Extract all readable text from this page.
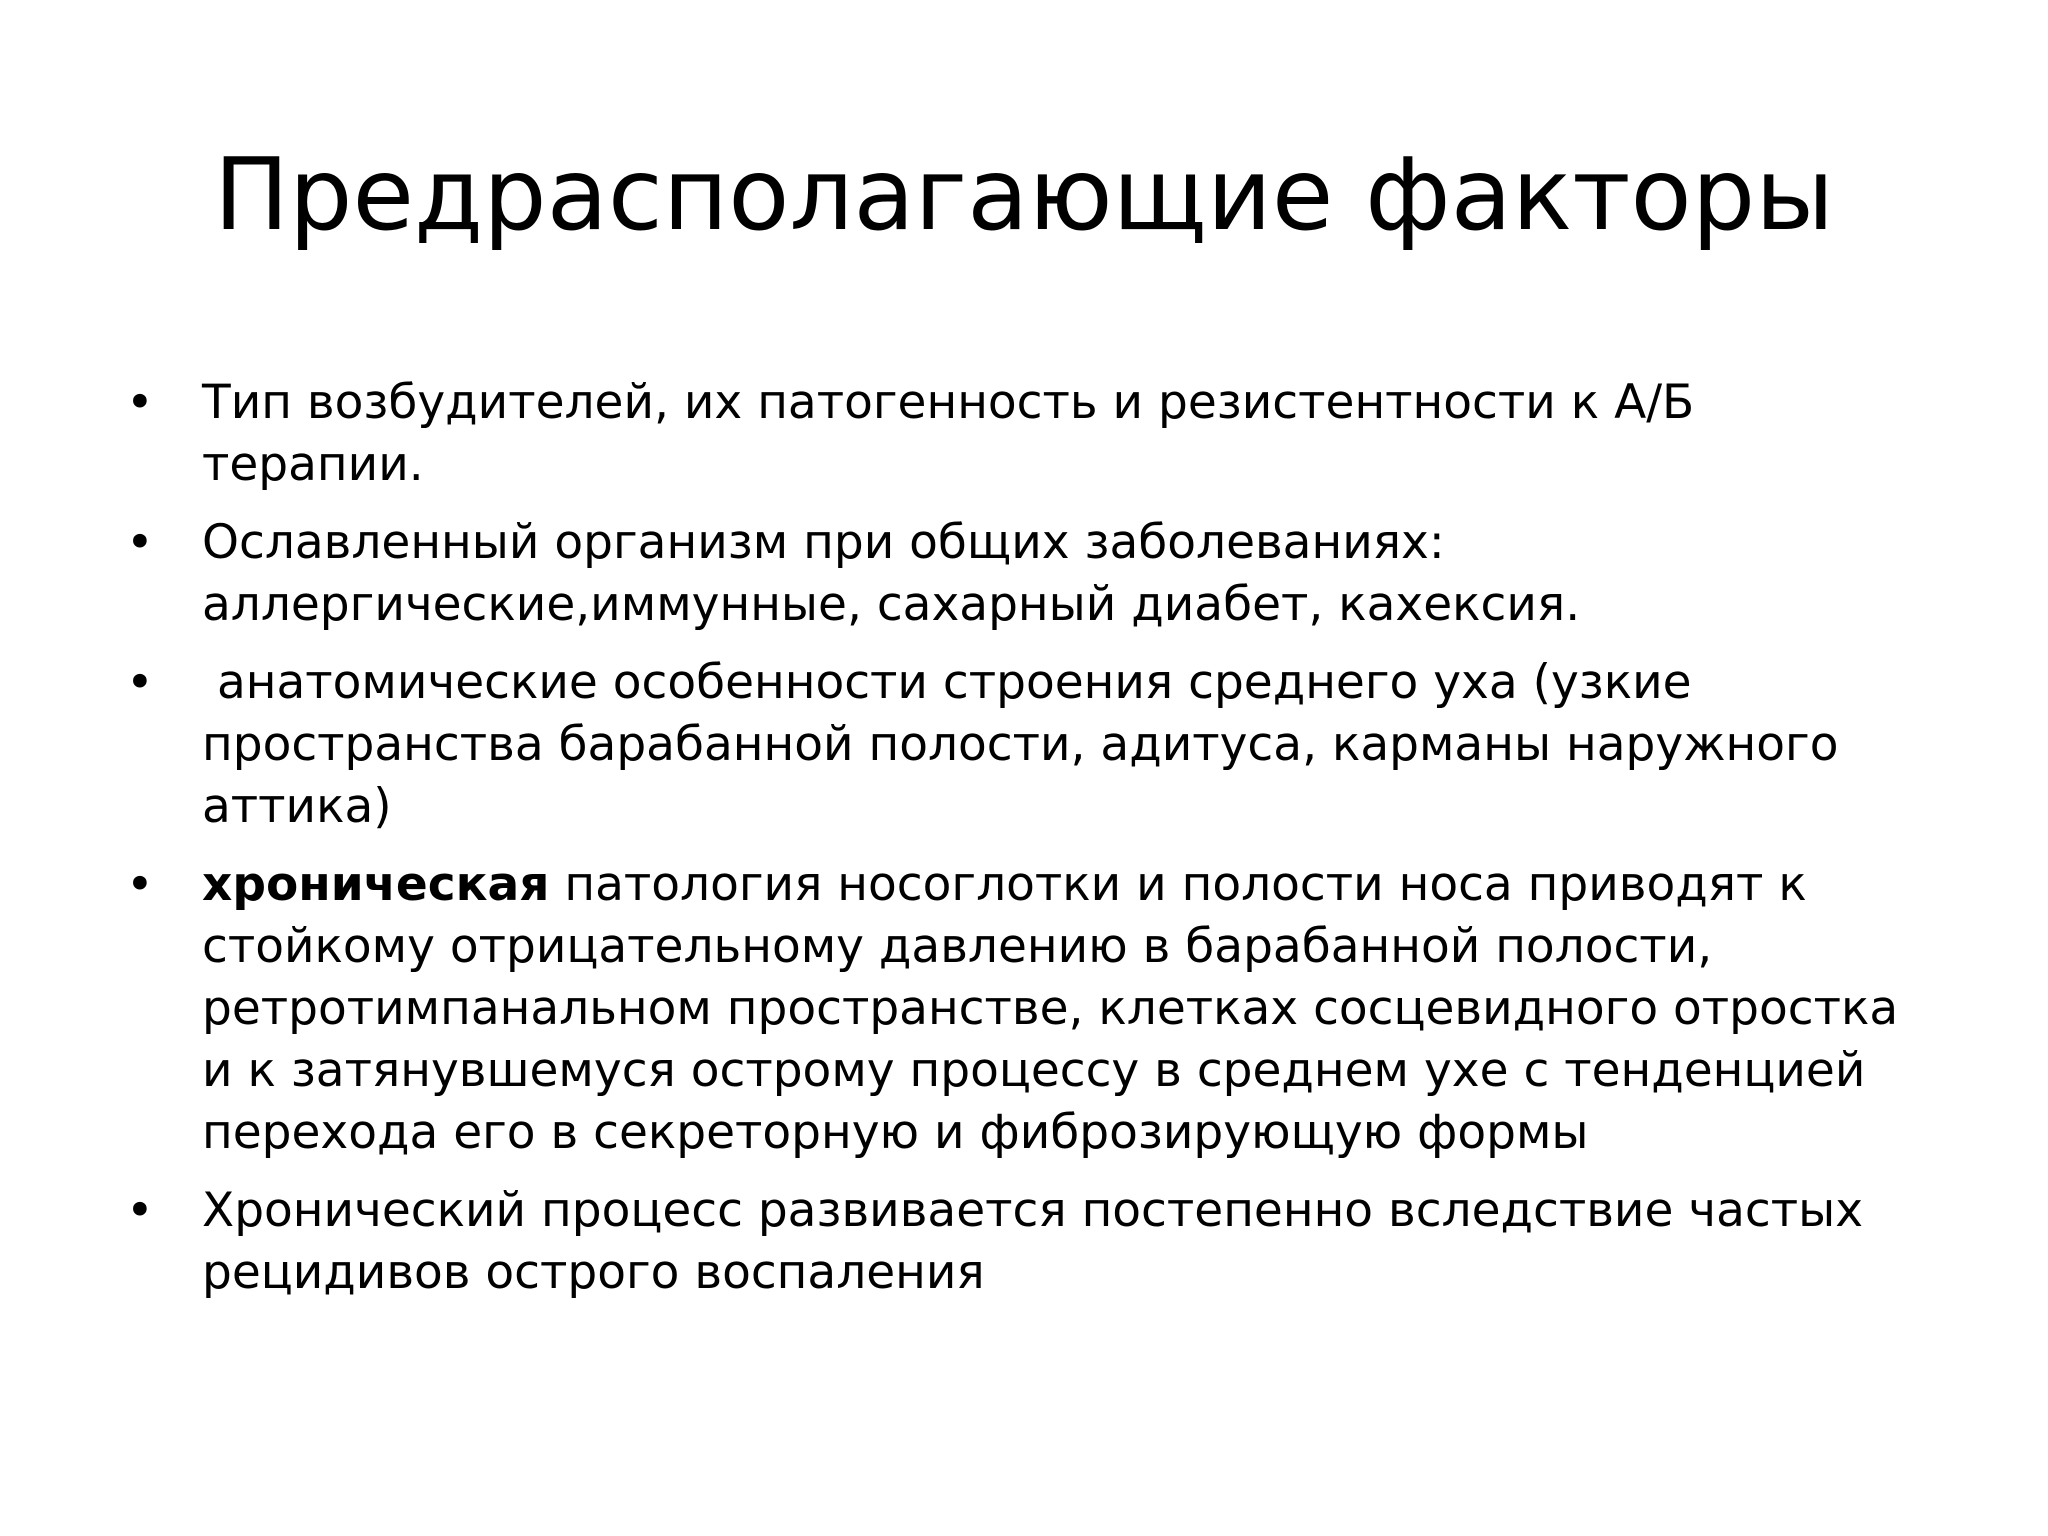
Предрасполагающие факторы
• Тип возбудителей, их патогенность и резистентности к А/Б терапии.
• Ославленный организм при общих заболеваниях: аллергические,иммунные, сахарный диабет, кахексия.
• анатомические особенности строения среднего уха (узкие пространства барабанной полости, адитуса, карманы наружного аттика)
• хроническая патология носоглотки и полости носа приводят к стойкому отрицательному давлению в барабанной полости, ретротимпанальном пространстве, клетках сосцевидного отростка и к затянувшемуся острому процессу в среднем ухе с тенденцией перехода его в секреторную и фиброзирующую формы
• Хронический процесс развивается постепенно вследствие частых рецидивов острого воспаления
